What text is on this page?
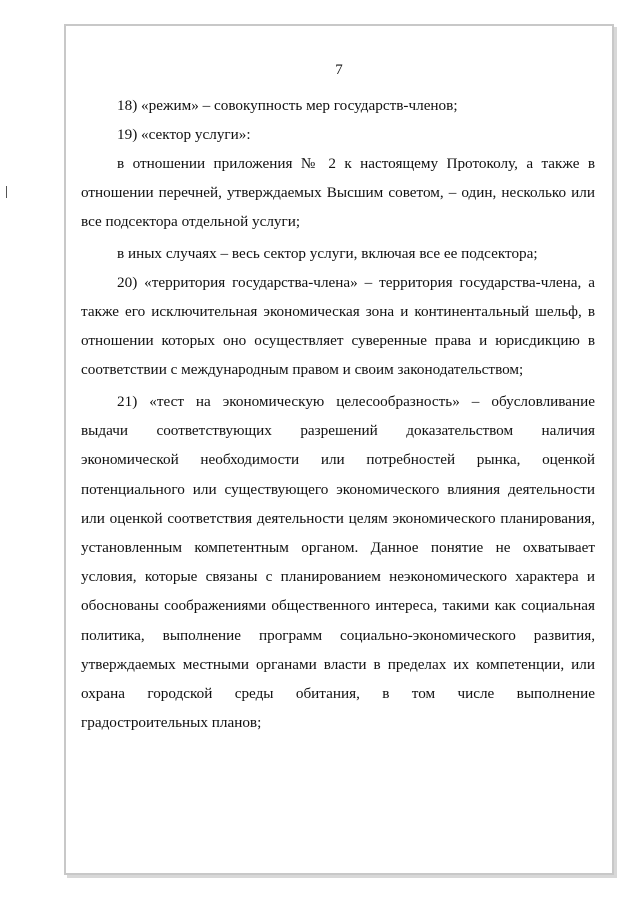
7

18) «режим» – совокупность мер государств-членов;

19) «сектор услуги»:

в отношении приложения № 2 к настоящему Протоколу, а также в отношении перечней, утверждаемых Высшим советом, – один, несколько или все подсектора отдельной услуги;

в иных случаях – весь сектор услуги, включая все ее подсектора;

20) «территория государства-члена» – территория государства-члена, а также его исключительная экономическая зона и континентальный шельф, в отношении которых оно осуществляет суверенные права и юрисдикцию в соответствии с международным правом и своим законодательством;

21) «тест на экономическую целесообразность» – обусловливание выдачи соответствующих разрешений доказательством наличия экономической необходимости или потребностей рынка, оценкой потенциального или существующего экономического влияния деятельности или оценкой соответствия деятельности целям экономического планирования, установленным компетентным органом. Данное понятие не охватывает условия, которые связаны с планированием неэкономического характера и обоснованы соображениями общественного интереса, такими как социальная политика, выполнение программ социально-экономического развития, утверждаемых местными органами власти в пределах их компетенции, или охрана городской среды обитания, в том числе выполнение градостроительных планов;
